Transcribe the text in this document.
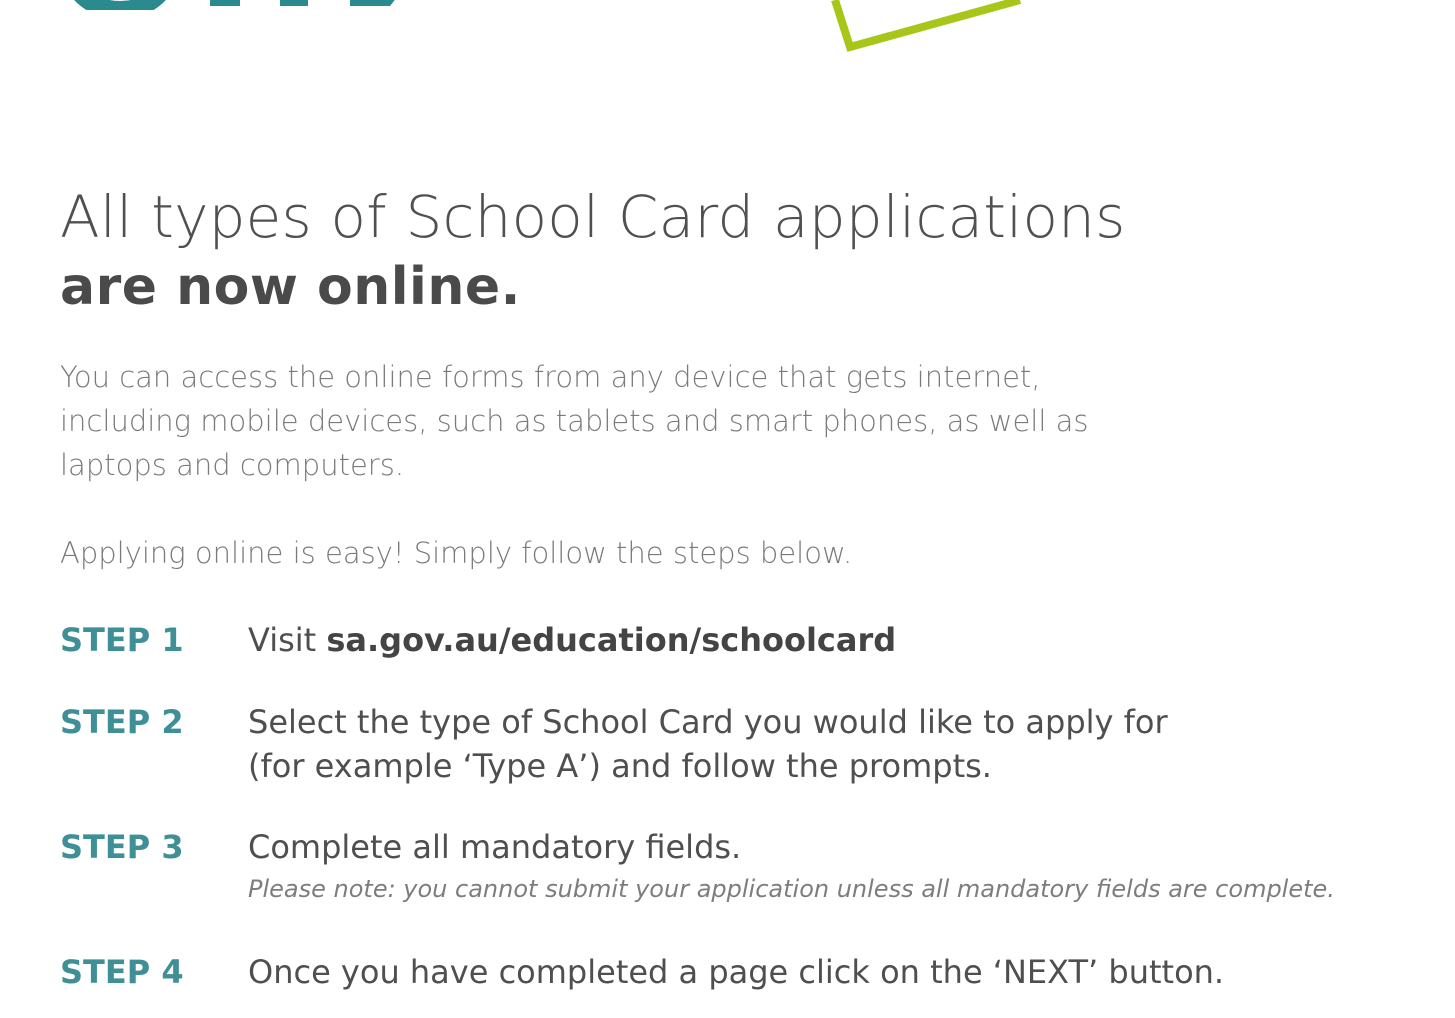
All types of School Card applications
are now online.

You can access the online forms from any device that gets internet, including mobile devices, such as tablets and smart phones, as well as laptops and computers.

Applying online is easy! Simply follow the steps below.

STEP 1 Visit sa.gov.au/education/schoolcard
STEP 2 Select the type of School Card you would like to apply for (for example ‘Type A’) and follow the prompts.
STEP 3 Complete all mandatory fields.
Please note: you cannot submit your application unless all mandatory fields are complete.
STEP 4 Once you have completed a page click on the ‘NEXT’ button.
